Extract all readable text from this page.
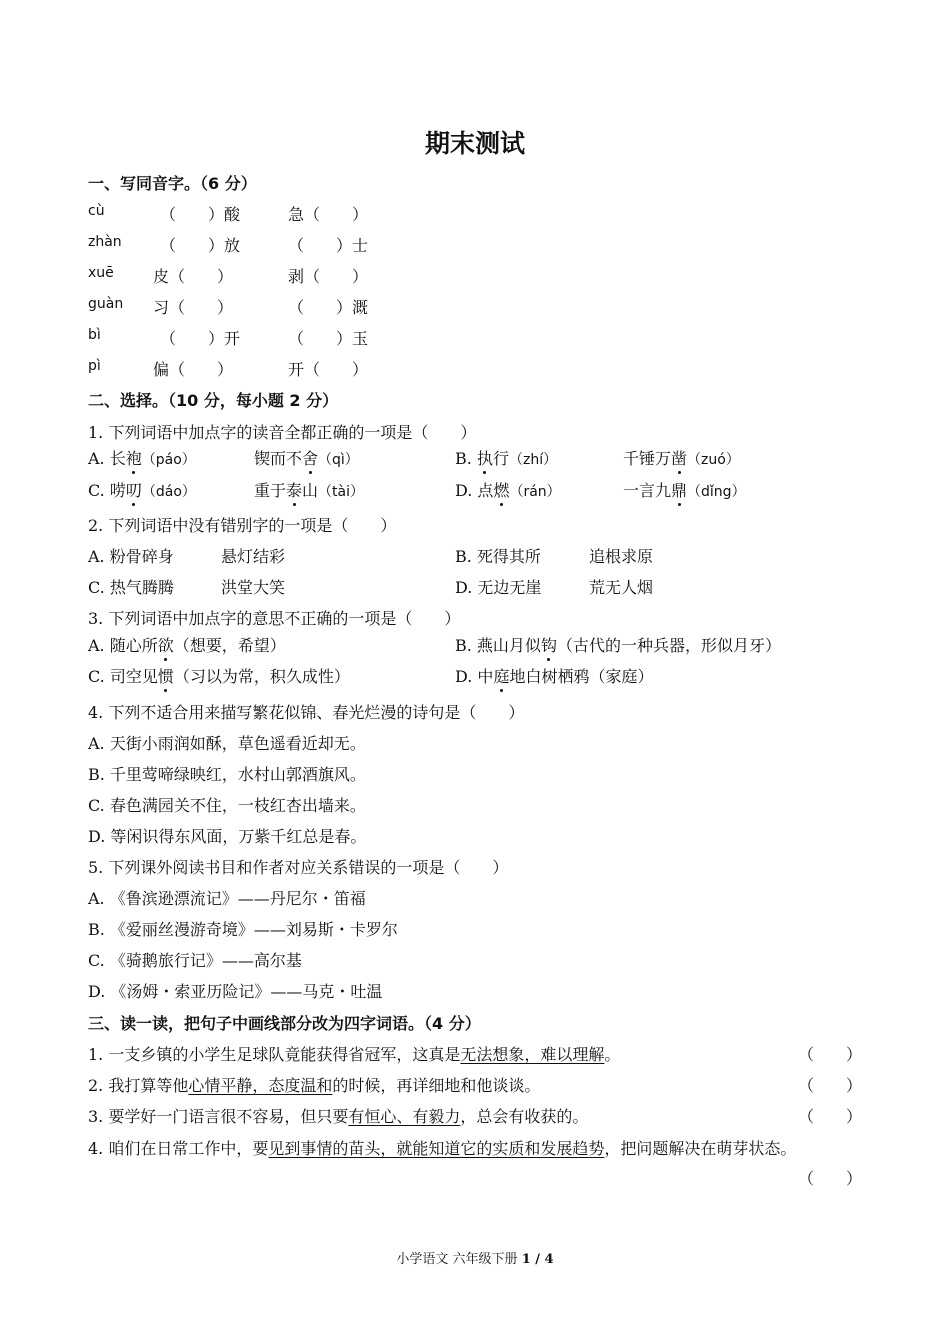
期末测试
一、写同音字。（6 分）
cù	（　　）酸	急（　　）
zhàn （　　）放	（　　）士
xuē 皮（　　）	剥（　　）
guàn 习（　　）	（　　）溉
bì	（　　）开	（　　）玉
pì	偏（　　）	开（　　）
二、选择。（10 分，每小题 2 分）
1. 下列词语中加点字的读音全都正确的一项是（　　）
A. 长袍（páo）	锲而不舍（qì）	B. 执行（zhí）	千锤万凿（zuó）
C. 唠叨（dáo）	重于泰山（tài）	D. 点燃（rán）	一言九鼎（dǐng）
2. 下列词语中没有错别字的一项是（　　）
A. 粉骨碎身	悬灯结彩	B. 死得其所	追根求原
C. 热气腾腾	洪堂大笑	D. 无边无崖	荒无人烟
3. 下列词语中加点字的意思不正确的一项是（　　）
A. 随心所欲（想要，希望）	B. 燕山月似钩（古代的一种兵器，形似月牙）
C. 司空见惯（习以为常，积久成性）	D. 中庭地白树栖鸦（家庭）
4. 下列不适合用来描写繁花似锦、春光烂漫的诗句是（　　）
A. 天街小雨润如酥，草色遥看近却无。
B. 千里莺啼绿映红，水村山郭酒旗风。
C. 春色满园关不住，一枝红杏出墙来。
D. 等闲识得东风面，万紫千红总是春。
5. 下列课外阅读书目和作者对应关系错误的一项是（　　）
A. 《鲁滨逊漂流记》——丹尼尔・笛福
B. 《爱丽丝漫游奇境》——刘易斯・卡罗尔
C. 《骑鹅旅行记》——高尔基
D. 《汤姆・索亚历险记》——马克・吐温
三、读一读，把句子中画线部分改为四字词语。（4 分）
1. 一支乡镇的小学生足球队竟能获得省冠军，这真是无法想象，难以理解。	（　　）
2. 我打算等他心情平静，态度温和的时候，再详细地和他谈谈。	（　　）
3. 要学好一门语言很不容易，但只要有恒心、有毅力，总会有收获的。	（　　）
4. 咱们在日常工作中，要见到事情的苗头，就能知道它的实质和发展趋势，把问题解决在萌芽状态。
（　　）
小学语文 六年级下册 1 / 4
